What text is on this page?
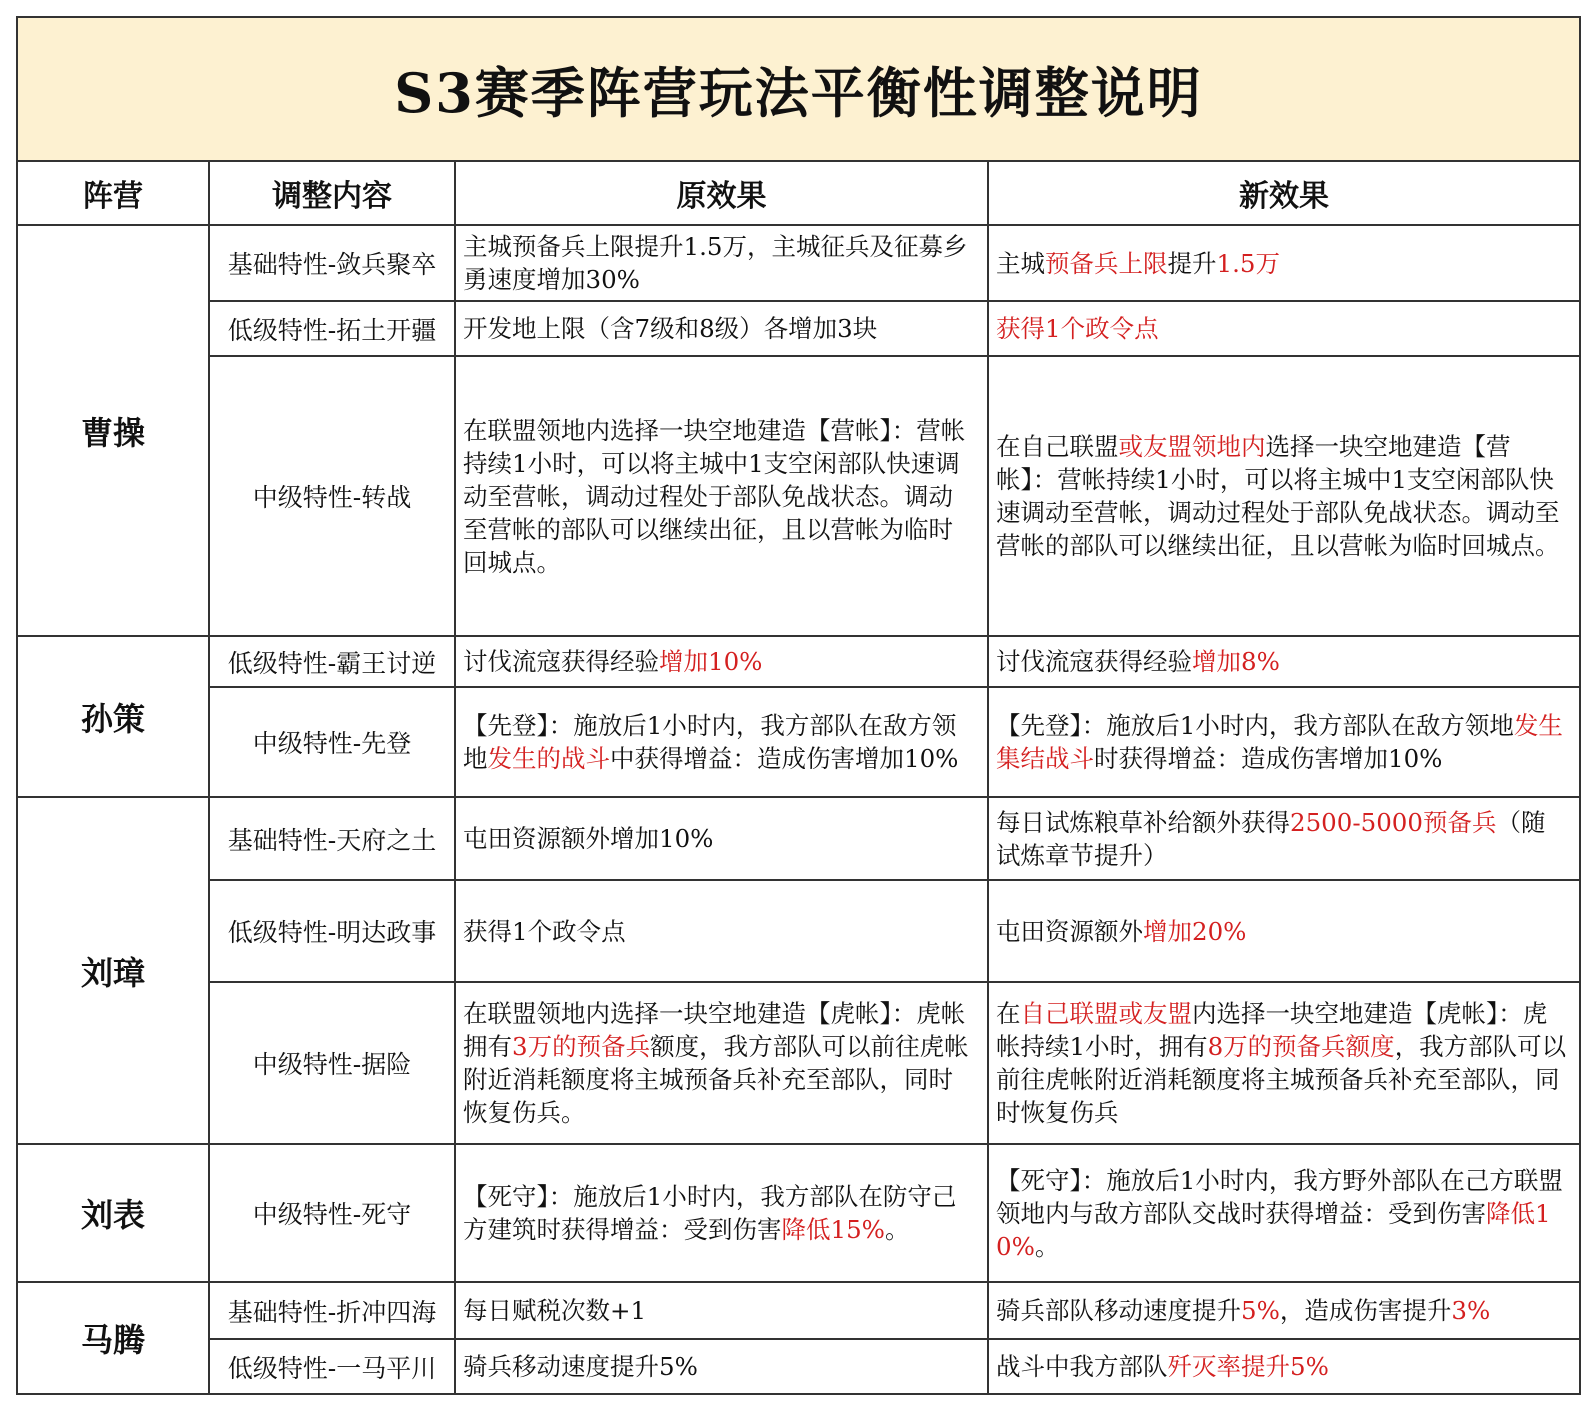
S3赛季阵营玩法平衡性调整说明			
阵营	调整内容	原效果	新效果
曹操	基础特性-敛兵聚卒	主城预备兵上限提升1.5万，主城征兵及征募乡勇速度增加30%	主城预备兵上限提升1.5万
	低级特性-拓土开疆	开发地上限（含7级和8级）各增加3块	获得1个政令点
	中级特性-转战	在联盟领地内选择一块空地建造【营帐】：营帐持续1小时，可以将主城中1支空闲部队快速调动至营帐，调动过程处于部队免战状态。调动至营帐的部队可以继续出征，且以营帐为临时回城点。	在自己联盟或友盟领地内选择一块空地建造【营帐】：营帐持续1小时，可以将主城中1支空闲部队快速调动至营帐，调动过程处于部队免战状态。调动至营帐的部队可以继续出征，且以营帐为临时回城点。
孙策	低级特性-霸王讨逆	讨伐流寇获得经验增加10%	讨伐流寇获得经验增加8%
	中级特性-先登	【先登】：施放后1小时内，我方部队在敌方领地发生的战斗中获得增益：造成伤害增加10%	【先登】：施放后1小时内，我方部队在敌方领地发生集结战斗时获得增益：造成伤害增加10%
刘璋	基础特性-天府之土	屯田资源额外增加10%	每日试炼粮草补给额外获得2500-5000预备兵（随试炼章节提升）
	低级特性-明达政事	获得1个政令点	屯田资源额外增加20%
	中级特性-据险	在联盟领地内选择一块空地建造【虎帐】：虎帐拥有3万的预备兵额度，我方部队可以前往虎帐附近消耗额度将主城预备兵补充至部队，同时恢复伤兵。	在自己联盟或友盟内选择一块空地建造【虎帐】：虎帐持续1小时，拥有8万的预备兵额度，我方部队可以前往虎帐附近消耗额度将主城预备兵补充至部队，同时恢复伤兵
刘表	中级特性-死守	【死守】：施放后1小时内，我方部队在防守己方建筑时获得增益：受到伤害降低15%。	【死守】：施放后1小时内，我方野外部队在己方联盟领地内与敌方部队交战时获得增益：受到伤害降低10%。
马腾	基础特性-折冲四海	每日赋税次数+1	骑兵部队移动速度提升5%，造成伤害提升3%
	低级特性-一马平川	骑兵移动速度提升5%	战斗中我方部队歼灭率提升5%
